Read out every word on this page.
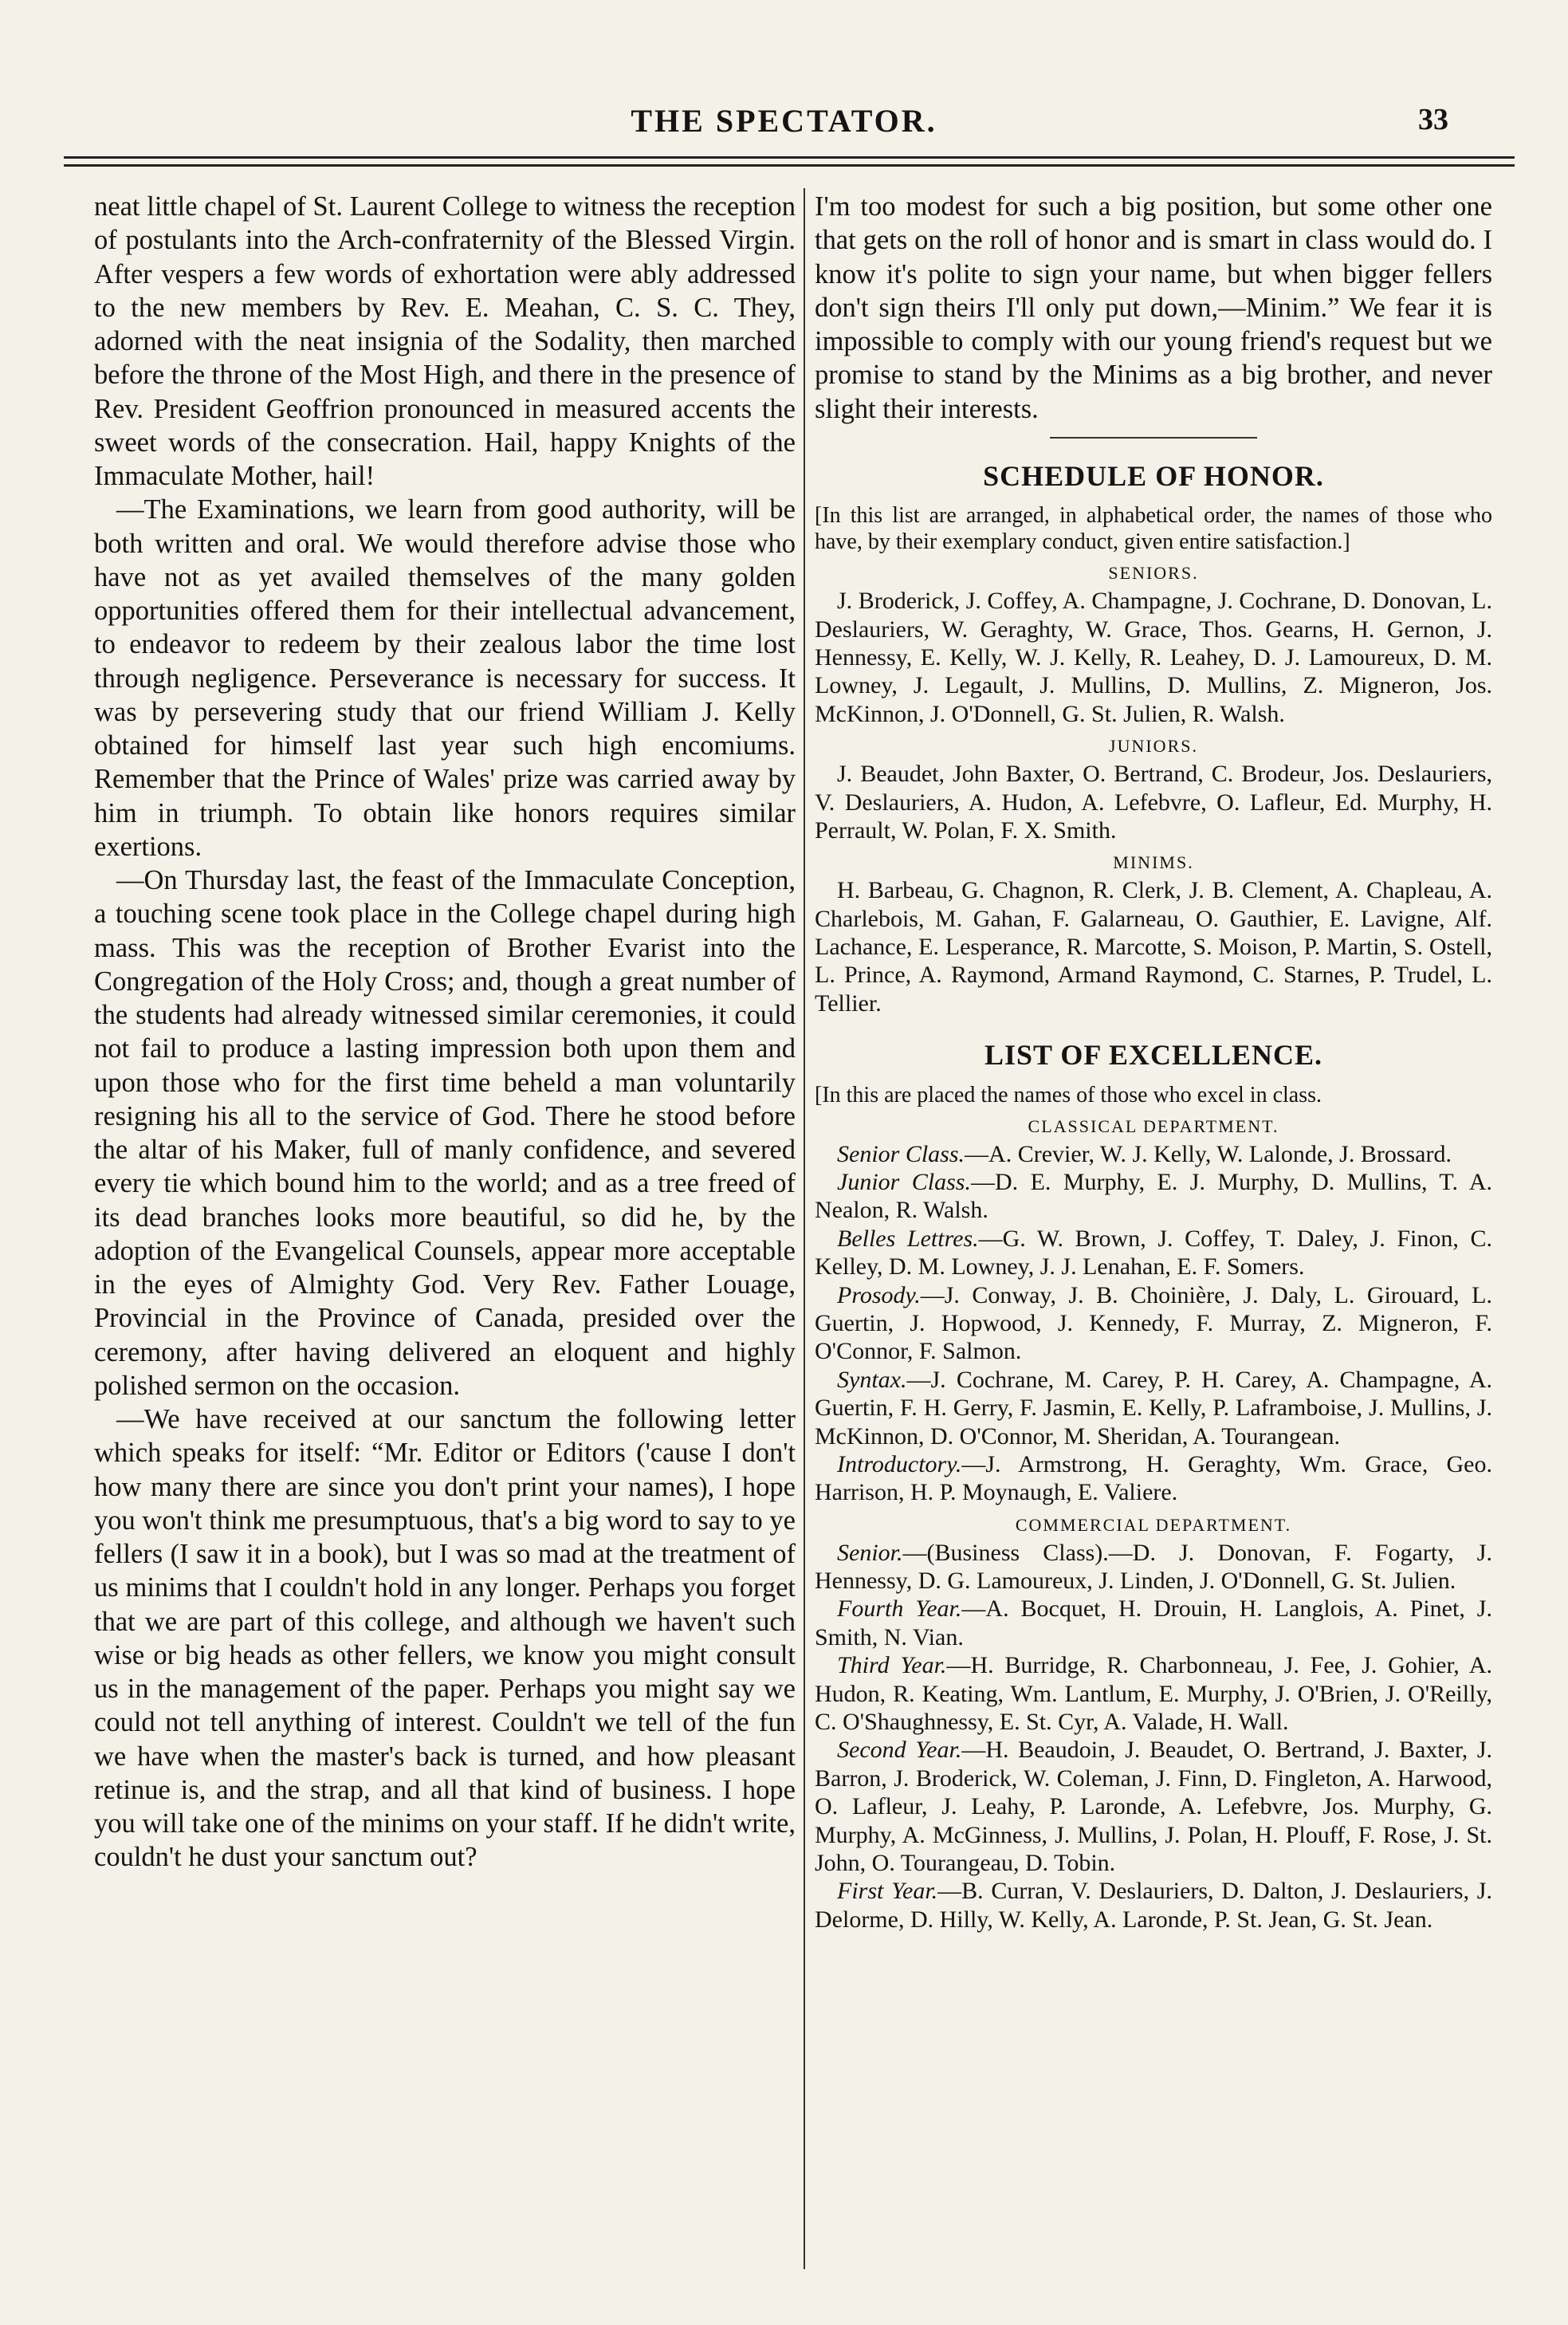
THE SPECTATOR.	33

neat little chapel of St. Laurent College to witness the reception of postulants into the Arch-confraternity of the Blessed Virgin. After vespers a few words of exhortation were ably addressed to the new members by Rev. E. Meahan, C. S. C. They, adorned with the neat insignia of the Sodality, then marched before the throne of the Most High, and there in the presence of Rev. President Geoffrion pronounced in measured accents the sweet words of the consecration. Hail, happy Knights of the Immaculate Mother, hail!

—The Examinations, we learn from good authority, will be both written and oral. We would therefore advise those who have not as yet availed themselves of the many golden opportunities offered them for their intellectual advancement, to endeavor to redeem by their zealous labor the time lost through negligence. Perseverance is necessary for success. It was by persevering study that our friend William J. Kelly obtained for himself last year such high encomiums. Remember that the Prince of Wales' prize was carried away by him in triumph. To obtain like honors requires similar exertions.

—On Thursday last, the feast of the Immaculate Conception, a touching scene took place in the College chapel during high mass. This was the reception of Brother Evarist into the Congregation of the Holy Cross; and, though a great number of the students had already witnessed similar ceremonies, it could not fail to produce a lasting impression both upon them and upon those who for the first time beheld a man voluntarily resigning his all to the service of God. There he stood before the altar of his Maker, full of manly confidence, and severed every tie which bound him to the world; and as a tree freed of its dead branches looks more beautiful, so did he, by the adoption of the Evangelical Counsels, appear more acceptable in the eyes of Almighty God. Very Rev. Father Louage, Provincial in the Province of Canada, presided over the ceremony, after having delivered an eloquent and highly polished sermon on the occasion.

—We have received at our sanctum the following letter which speaks for itself: “Mr. Editor or Editors ('cause I don't how many there are since you don't print your names), I hope you won't think me presumptuous, that's a big word to say to ye fellers (I saw it in a book), but I was so mad at the treatment of us minims that I couldn't hold in any longer. Perhaps you forget that we are part of this college, and although we haven't such wise or big heads as other fellers, we know you might consult us in the management of the paper. Perhaps you might say we could not tell anything of interest. Couldn't we tell of the fun we have when the master's back is turned, and how pleasant retinue is, and the strap, and all that kind of business. I hope you will take one of the minims on your staff. If he didn't write, couldn't he dust your sanctum out?

I'm too modest for such a big position, but some other one that gets on the roll of honor and is smart in class would do. I know it's polite to sign your name, but when bigger fellers don't sign theirs I'll only put down,—Minim.” We fear it is impossible to comply with our young friend's request but we promise to stand by the Minims as a big brother, and never slight their interests.

SCHEDULE OF HONOR.

[In this list are arranged, in alphabetical order, the names of those who have, by their exemplary conduct, given entire satisfaction.]

SENIORS.

J. Broderick, J. Coffey, A. Champagne, J. Cochrane, D. Donovan, L. Deslauriers, W. Geraghty, W. Grace, Thos. Gearns, H. Gernon, J. Hennessy, E. Kelly, W. J. Kelly, R. Leahey, D. J. Lamoureux, D. M. Lowney, J. Legault, J. Mullins, D. Mullins, Z. Migneron, Jos. McKinnon, J. O'Donnell, G. St. Julien, R. Walsh.

JUNIORS.

J. Beaudet, John Baxter, O. Bertrand, C. Brodeur, Jos. Deslauriers, V. Deslauriers, A. Hudon, A. Lefebvre, O. Lafleur, Ed. Murphy, H. Perrault, W. Polan, F. X. Smith.

MINIMS.

H. Barbeau, G. Chagnon, R. Clerk, J. B. Clement, A. Chapleau, A. Charlebois, M. Gahan, F. Galarneau, O. Gauthier, E. Lavigne, Alf. Lachance, E. Lesperance, R. Marcotte, S. Moison, P. Martin, S. Ostell, L. Prince, A. Raymond, Armand Raymond, C. Starnes, P. Trudel, L. Tellier.

LIST OF EXCELLENCE.

[In this are placed the names of those who excel in class.

CLASSICAL DEPARTMENT.

Senior Class.—A. Crevier, W. J. Kelly, W. Lalonde, J. Brossard.

Junior Class.—D. E. Murphy, E. J. Murphy, D. Mullins, T. A. Nealon, R. Walsh.

Belles Lettres.—G. W. Brown, J. Coffey, T. Daley, J. Finon, C. Kelley, D. M. Lowney, J. J. Lenahan, E. F. Somers.

Prosody.—J. Conway, J. B. Choinière, J. Daly, L. Girouard, L. Guertin, J. Hopwood, J. Kennedy, F. Murray, Z. Migneron, F. O'Connor, F. Salmon.

Syntax.—J. Cochrane, M. Carey, P. H. Carey, A. Champagne, A. Guertin, F. H. Gerry, F. Jasmin, E. Kelly, P. Laframboise, J. Mullins, J. McKinnon, D. O'Connor, M. Sheridan, A. Tourangean.

Introductory.—J. Armstrong, H. Geraghty, Wm. Grace, Geo. Harrison, H. P. Moynaugh, E. Valiere.

COMMERCIAL DEPARTMENT.

Senior.—(Business Class).—D. J. Donovan, F. Fogarty, J. Hennessy, D. G. Lamoureux, J. Linden, J. O'Donnell, G. St. Julien.

Fourth Year.—A. Bocquet, H. Drouin, H. Langlois, A. Pinet, J. Smith, N. Vian.

Third Year.—H. Burridge, R. Charbonneau, J. Fee, J. Gohier, A. Hudon, R. Keating, Wm. Lantlum, E. Murphy, J. O'Brien, J. O'Reilly, C. O'Shaughnessy, E. St. Cyr, A. Valade, H. Wall.

Second Year.—H. Beaudoin, J. Beaudet, O. Bertrand, J. Baxter, J. Barron, J. Broderick, W. Coleman, J. Finn, D. Fingleton, A. Harwood, O. Lafleur, J. Leahy, P. Laronde, A. Lefebvre, Jos. Murphy, G. Murphy, A. McGinness, J. Mullins, J. Polan, H. Plouff, F. Rose, J. St. John, O. Tourangeau, D. Tobin.

First Year.—B. Curran, V. Deslauriers, D. Dalton, J. Deslauriers, J. Delorme, D. Hilly, W. Kelly, A. Laronde, P. St. Jean, G. St. Jean.
